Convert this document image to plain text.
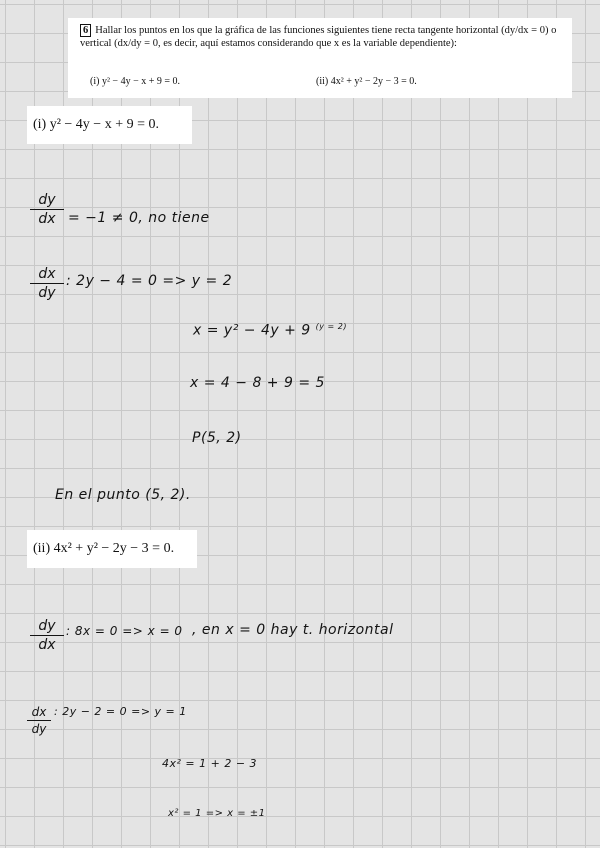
6 Hallar los puntos en los que la gráfica de las funciones siguientes tiene recta tangente horizontal (dy/dx = 0) o vertical (dx/dy = 0, es decir, aquí estamos considerando que x es la variable dependiente):
(i) y² − 4y − x + 9 = 0.	(ii) 4x² + y² − 2y − 3 = 0.
(i) y² − 4y − x + 9 = 0.
dy
dx = −1 ≠ 0, no tiene
dx
dy
: 2y − 4 = 0 => y = 2
x = y² − 4y + 9 $^{(y = 2)}$
x = 4 − 8 + 9 = 5
P(5, 2)
En el punto (5, 2).
(ii) 4x² + y² − 2y − 3 = 0.
dy
dx
: 8x = 0 => x = 0 , en x = 0 hay t. horizontal
dx
dy
: 2y − 2 = 0 => y = 1
4x² = 1 + 2 − 3
x² = 1 => x = ±1
